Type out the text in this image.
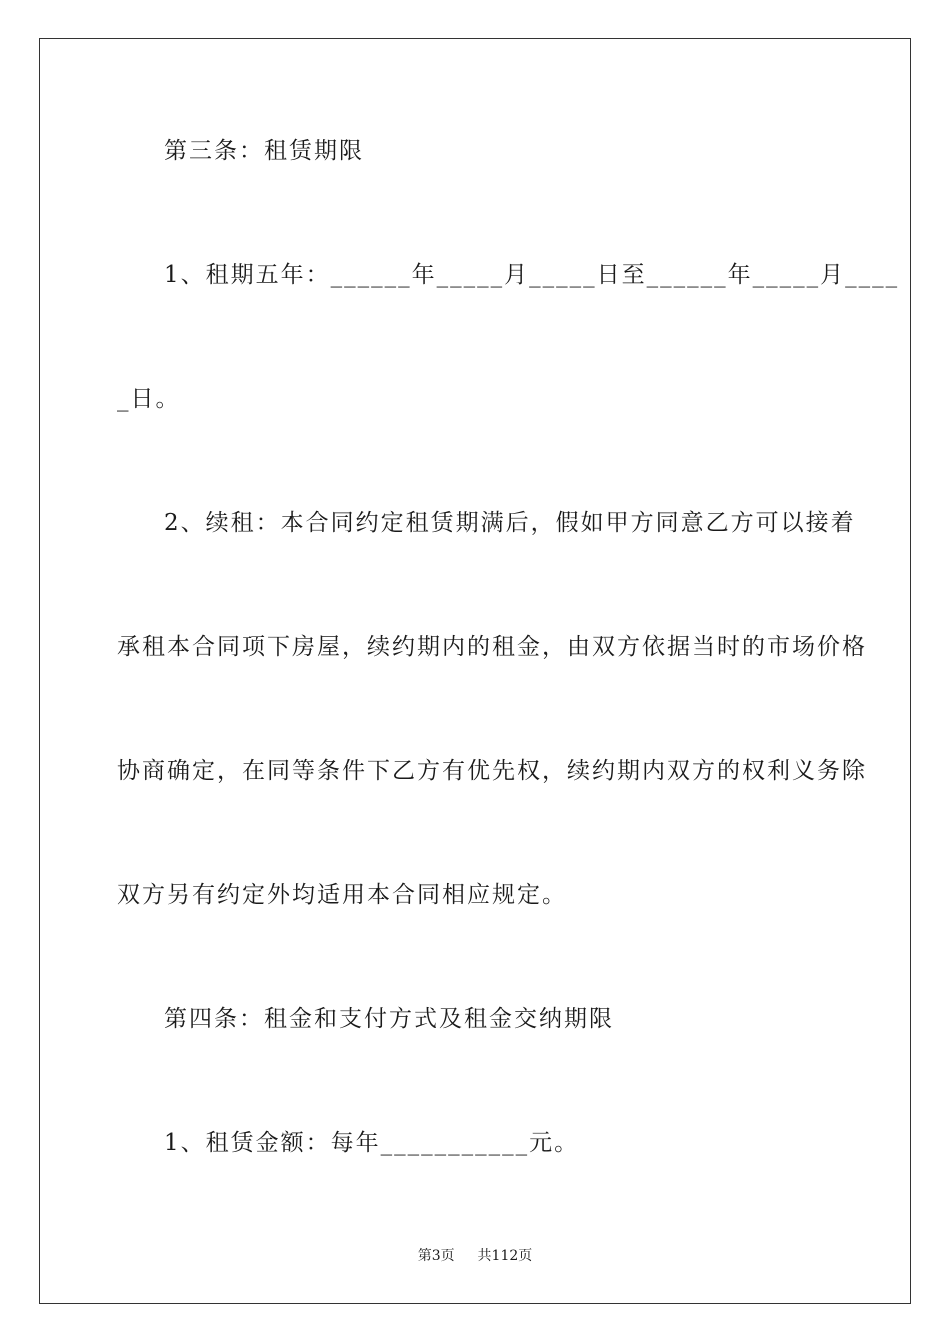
第三条：租赁期限
1、租期五年：______年_____月_____日至______年_____月____
_日。
2、续租：本合同约定租赁期满后，假如甲方同意乙方可以接着
承租本合同项下房屋，续约期内的租金，由双方依据当时的市场价格
协商确定，在同等条件下乙方有优先权，续约期内双方的权利义务除
双方另有约定外均适用本合同相应规定。
第四条：租金和支付方式及租金交纳期限
1、租赁金额：每年___________元。
第3页 共112页
